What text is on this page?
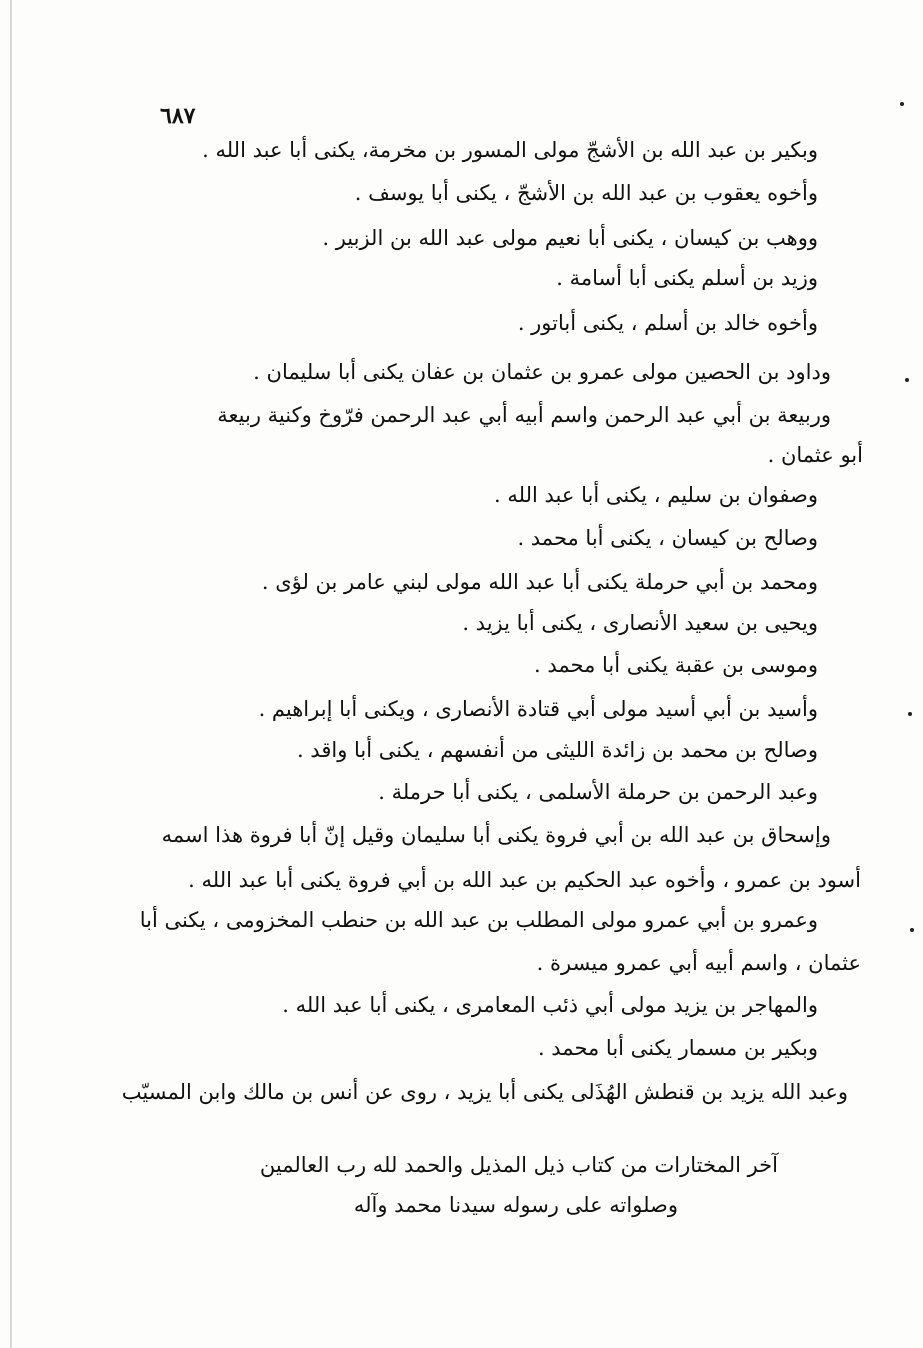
٦٨٧
وبكير بن عبد الله بن الأشجّ مولى المسور بن مخرمة، يكنى أبا عبد الله .
وأخوه يعقوب بن عبد الله بن الأشجّ ، يكنى أبا يوسف .
ووهب بن كيسان ، يكنى أبا نعيم مولى عبد الله بن الزبير .
وزيد بن أسلم يكنى أبا أسامة .
وأخوه خالد بن أسلم ، يكنى أباتور .
وداود بن الحصين مولى عمرو بن عثمان بن عفان يكنى أبا سليمان .
وربيعة بن أبي عبد الرحمن واسم أبيه أبي عبد الرحمن فرّوخ وكنية ربيعة
أبو عثمان .
وصفوان بن سليم ، يكنى أبا عبد الله .
وصالح بن كيسان ، يكنى أبا محمد .
ومحمد بن أبي حرملة يكنى أبا عبد الله مولى لبني عامر بن لؤى .
ويحيى بن سعيد الأنصارى ، يكنى أبا يزيد .
وموسى بن عقبة يكنى أبا محمد .
وأسيد بن أبي أسيد مولى أبي قتادة الأنصارى ، ويكنى أبا إبراهيم .
وصالح بن محمد بن زائدة الليثى من أنفسهم ، يكنى أبا واقد .
وعبد الرحمن بن حرملة الأسلمى ، يكنى أبا حرملة .
وإسحاق بن عبد الله بن أبي فروة يكنى أبا سليمان وقيل إنّ أبا فروة هذا اسمه
أسود بن عمرو ، وأخوه عبد الحكيم بن عبد الله بن أبي فروة يكنى أبا عبد الله .
وعمرو بن أبي عمرو مولى المطلب بن عبد الله بن حنطب المخزومى ، يكنى أبا
عثمان ، واسم أبيه أبي عمرو ميسرة .
والمهاجر بن يزيد مولى أبي ذئب المعامرى ، يكنى أبا عبد الله .
وبكير بن مسمار يكنى أبا محمد .
وعبد الله يزيد بن قنطش الهُذَلى يكنى أبا يزيد ، روى عن أنس بن مالك وابن المسيّب
آخر المختارات من كتاب ذيل المذيل والحمد لله رب العالمين
وصلواته على رسوله سيدنا محمد وآله
